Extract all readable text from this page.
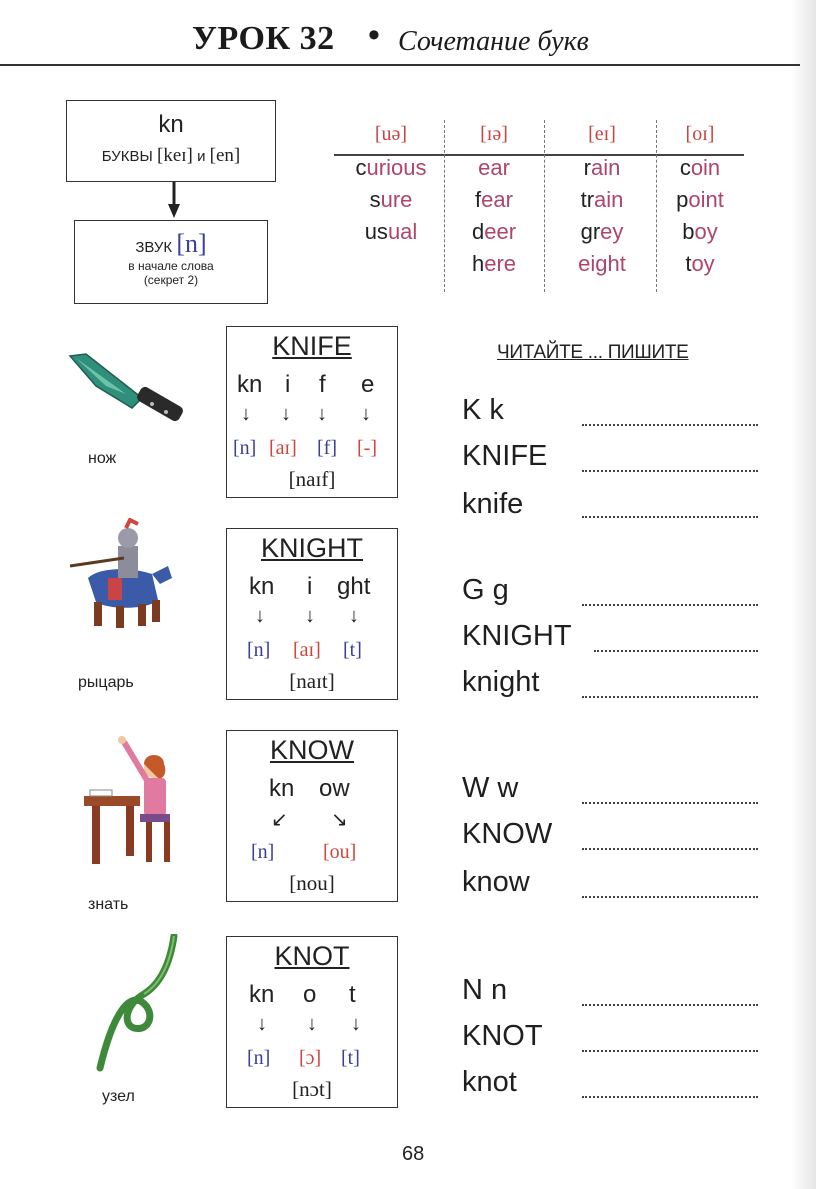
УРОК 32 • Сочетание букв
kn
БУКВЫ [keɪ] и [en]
ЗВУК [n]
в начале слова
(секрет 2)
[uə]
curious
sure
usual
[ɪə]
ear
fear
deer
here
[eɪ]
rain
train
grey
eight
[oɪ]
coin
point
boy
toy
нож
рыцарь
знать
узел
KNIFE
kn i f e
↓ ↓ ↓ ↓
[n] [aɪ] [f] [-]
[naɪf]
KNIGHT
kn i ght
↓ ↓ ↓
[n] [aɪ] [t]
[naɪt]
KNOW
kn ow
↙ ↘
[n] [ou]
[nou]
KNOT
kn o t
↓ ↓ ↓
[n] [ɔ] [t]
[nɔt]
ЧИТАЙТЕ ... ПИШИТЕ
K k
KNIFE
knife
G g
KNIGHT
knight
W w
KNOW
know
N n
KNOT
knot
68
